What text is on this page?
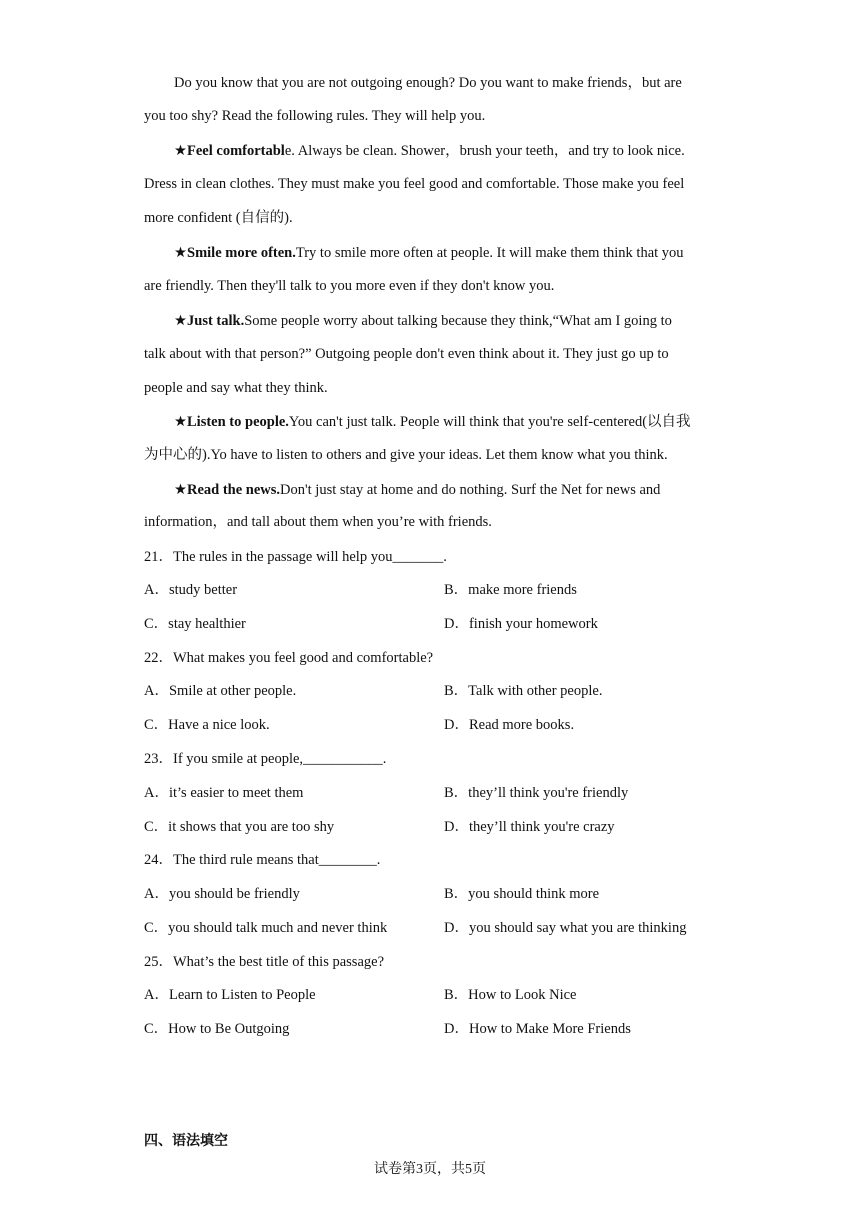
Do you know that you are not outgoing enough? Do you want to make friends，but are
you too shy? Read the following rules. They will help you.
★Feel comfortable. Always be clean. Shower，brush your teeth，and try to look nice.
Dress in clean clothes. They must make you feel good and comfortable. Those make you feel
more confident (自信的).
★Smile more often.Try to smile more often at people. It will make them think that you
are friendly. Then they'll talk to you more even if they don't know you.
★Just talk.Some people worry about talking because they think,“What am I going to
talk about with that person?” Outgoing people don't even think about it. They just go up to
people and say what they think.
★Listen to people.You can't just talk. People will think that you're self-centered(以自我
为中心的).Yo have to listen to others and give your ideas. Let them know what you think.
★Read the news.Don't just stay at home and do nothing. Surf the Net for news and
information，and tall about them when you’re with friends.
21．The rules in the passage will help you_______.
A．study better	B．make more friends
C．stay healthier	D．finish your homework
22．What makes you feel good and comfortable?
A．Smile at other people.	B．Talk with other people.
C．Have a nice look.	D．Read more books.
23．If you smile at people,___________.
A．it’s easier to meet them	B．they’ll think you're friendly
C．it shows that you are too shy	D．they’ll think you're crazy
24．The third rule means that________.
A．you should be friendly	B．you should think more
C．you should talk much and never think	D．you should say what you are thinking
25．What’s the best title of this passage?
A．Learn to Listen to People	B．How to Look Nice
C．How to Be Outgoing	D．How to Make More Friends
四、语法填空
试卷第3页，共5页
